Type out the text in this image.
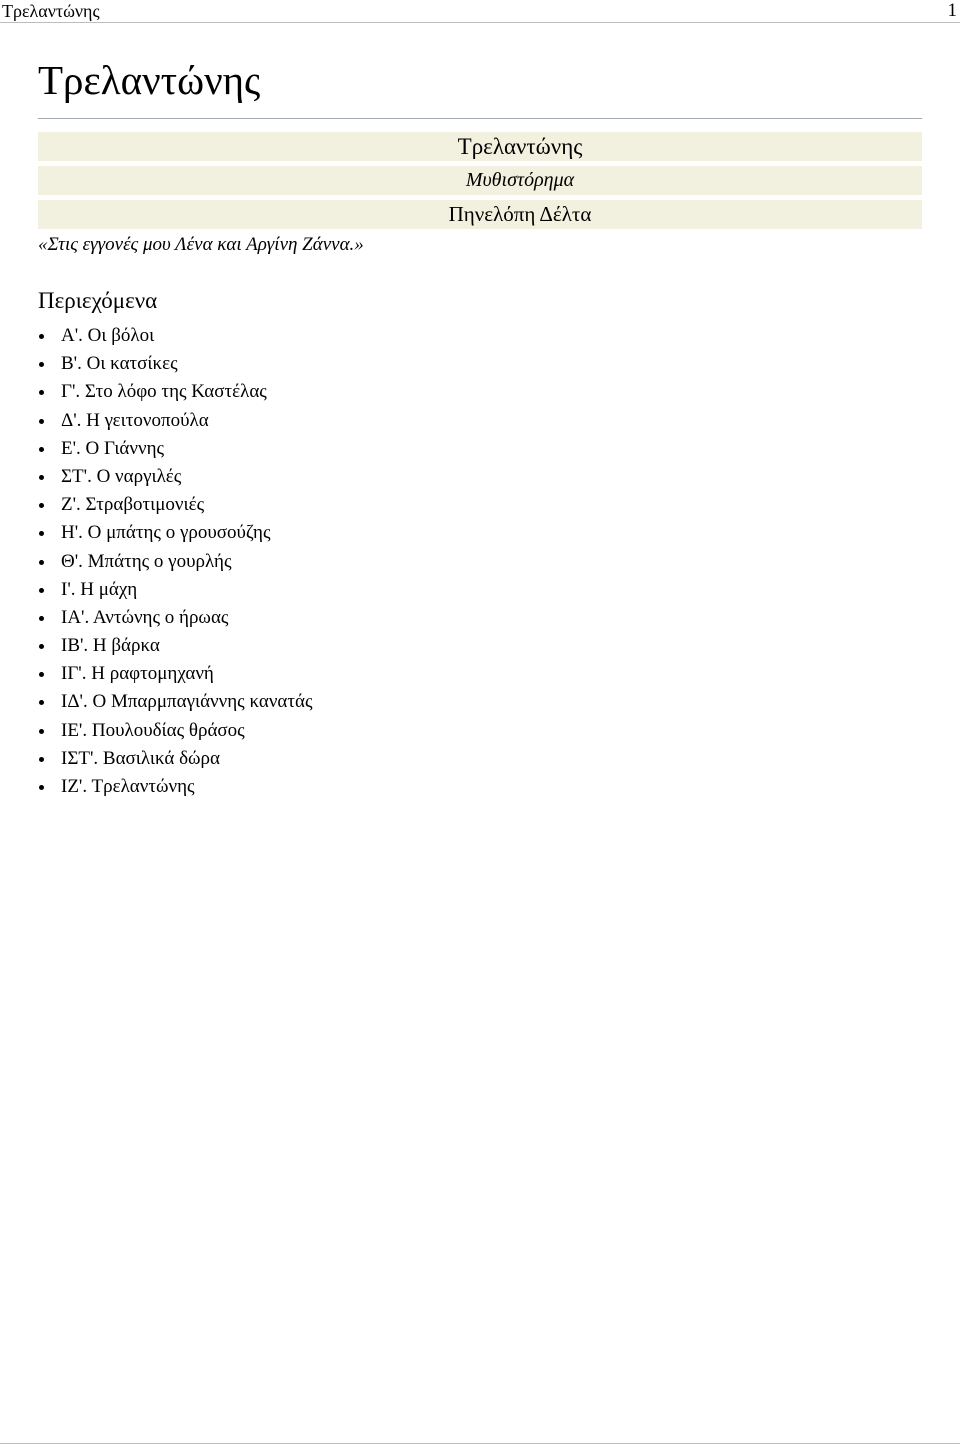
Τρελαντώνης	1
Τρελαντώνης
Τρελαντώνης
Μυθιστόρημα
Πηνελόπη Δέλτα
«Στις εγγονές μου Λένα και Αργίνη Ζάννα.»
Περιεχόμενα
Α'. Οι βόλοι
Β'. Οι κατσίκες
Γ'. Στο λόφο της Καστέλας
Δ'. Η γειτονοπούλα
Ε'. Ο Γιάννης
ΣΤ'. Ο ναργιλές
Ζ'. Στραβοτιμονιές
Η'. Ο μπάτης ο γρουσούζης
Θ'. Μπάτης ο γουρλής
Ι'. Η μάχη
ΙΑ'. Αντώνης ο ήρωας
ΙΒ'. Η βάρκα
ΙΓ'. Η ραφτομηχανή
ΙΔ'. Ο Μπαρμπαγιάννης κανατάς
ΙΕ'. Πουλουδίας θράσος
ΙΣΤ'. Βασιλικά δώρα
ΙΖ'. Τρελαντώνης
